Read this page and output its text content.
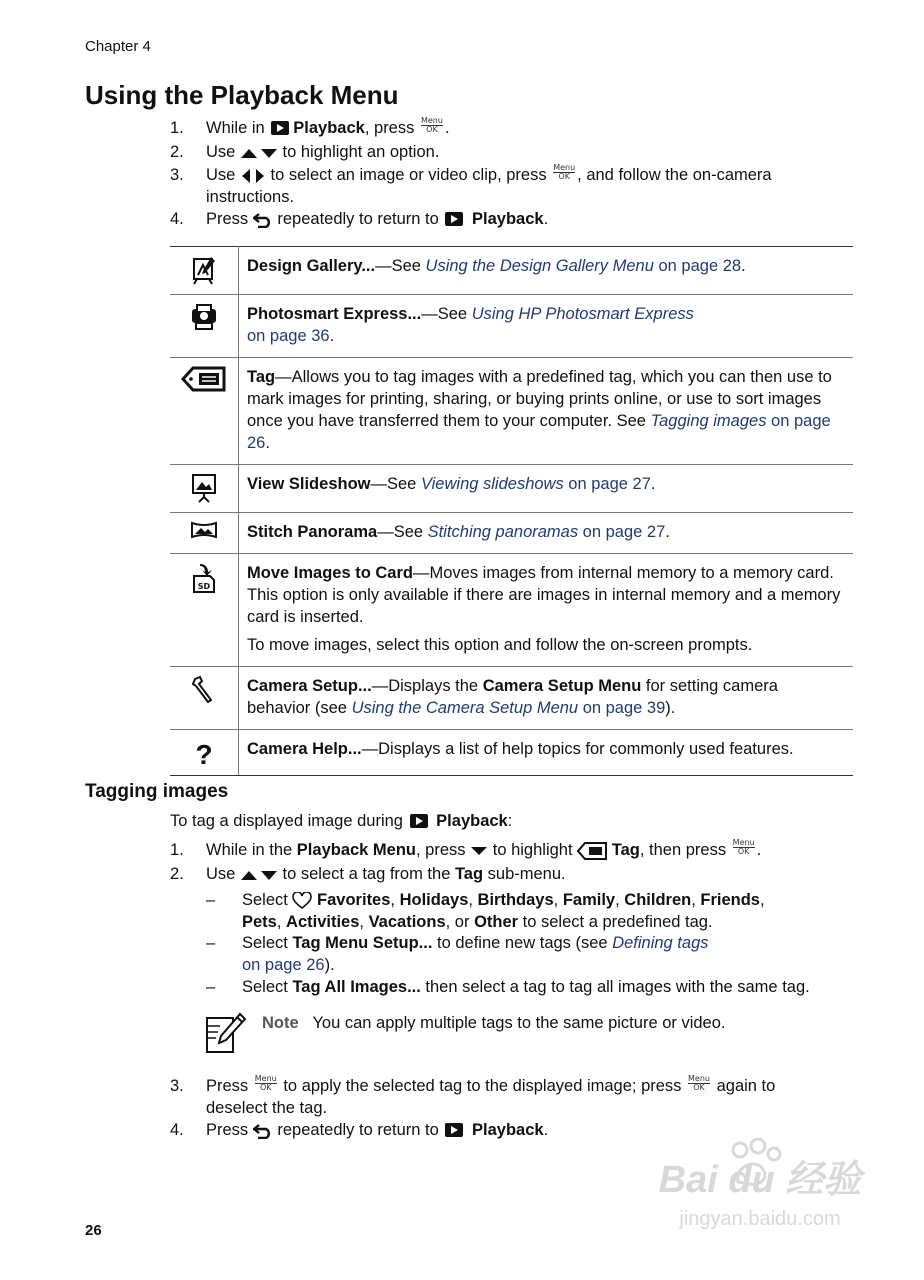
Chapter 4
Using the Playback Menu
1. While in Playback, press Menu
OK .
2. Use	to highlight an option.
3. Use to select an image or video clip, press Menu
OK , and follow the on-camera
instructions.
4. Press repeatedly to return to Playback.
	Design Gallery...—See Using the Design Gallery Menu on page 28.
	Photosmart Express...—See Using HP Photosmart Express
on page 36.
	Tag—Allows you to tag images with a predefined tag, which you can then use to mark images for printing, sharing, or buying prints online, or use to sort images once you have transferred them to your computer. See Tagging images on page 26.
	View Slideshow—See Viewing slideshows on page 27.
	Stitch Panorama—See Stitching panoramas on page 27.

SD	Move Images to Card—Moves images from internal memory to a memory card. This option is only available if there are images in internal memory and a memory card is inserted.
To move images, select this option and follow the on-screen prompts.

	Camera Setup...—Displays the Camera Setup Menu for setting camera behavior (see Using the Camera Setup Menu on page 39).

?	Camera Help...—Displays a list of help topics for commonly used features.
Tagging images
To tag a displayed image during Playback:
1. While in the Playback Menu, press to highlight Tag, then press Menu
OK .
2. Use	to select a tag from the Tag sub-menu.
– Select Favorites, Holidays, Birthdays, Family, Children, Friends,
Pets, Activities, Vacations, or Other to select a predefined tag.
– Select Tag Menu Setup... to define new tags (see Defining tags
on page 26).
– Select Tag All Images... then select a tag to tag all images with the same tag.
Note You can apply multiple tags to the same picture or video.
3. Press Menu
OK to apply the selected tag to the displayed image; press Menu
OK again to
deselect the tag.
4. Press repeatedly to return to Playback.
26
Bai du 经验
jingyan.baidu.com
